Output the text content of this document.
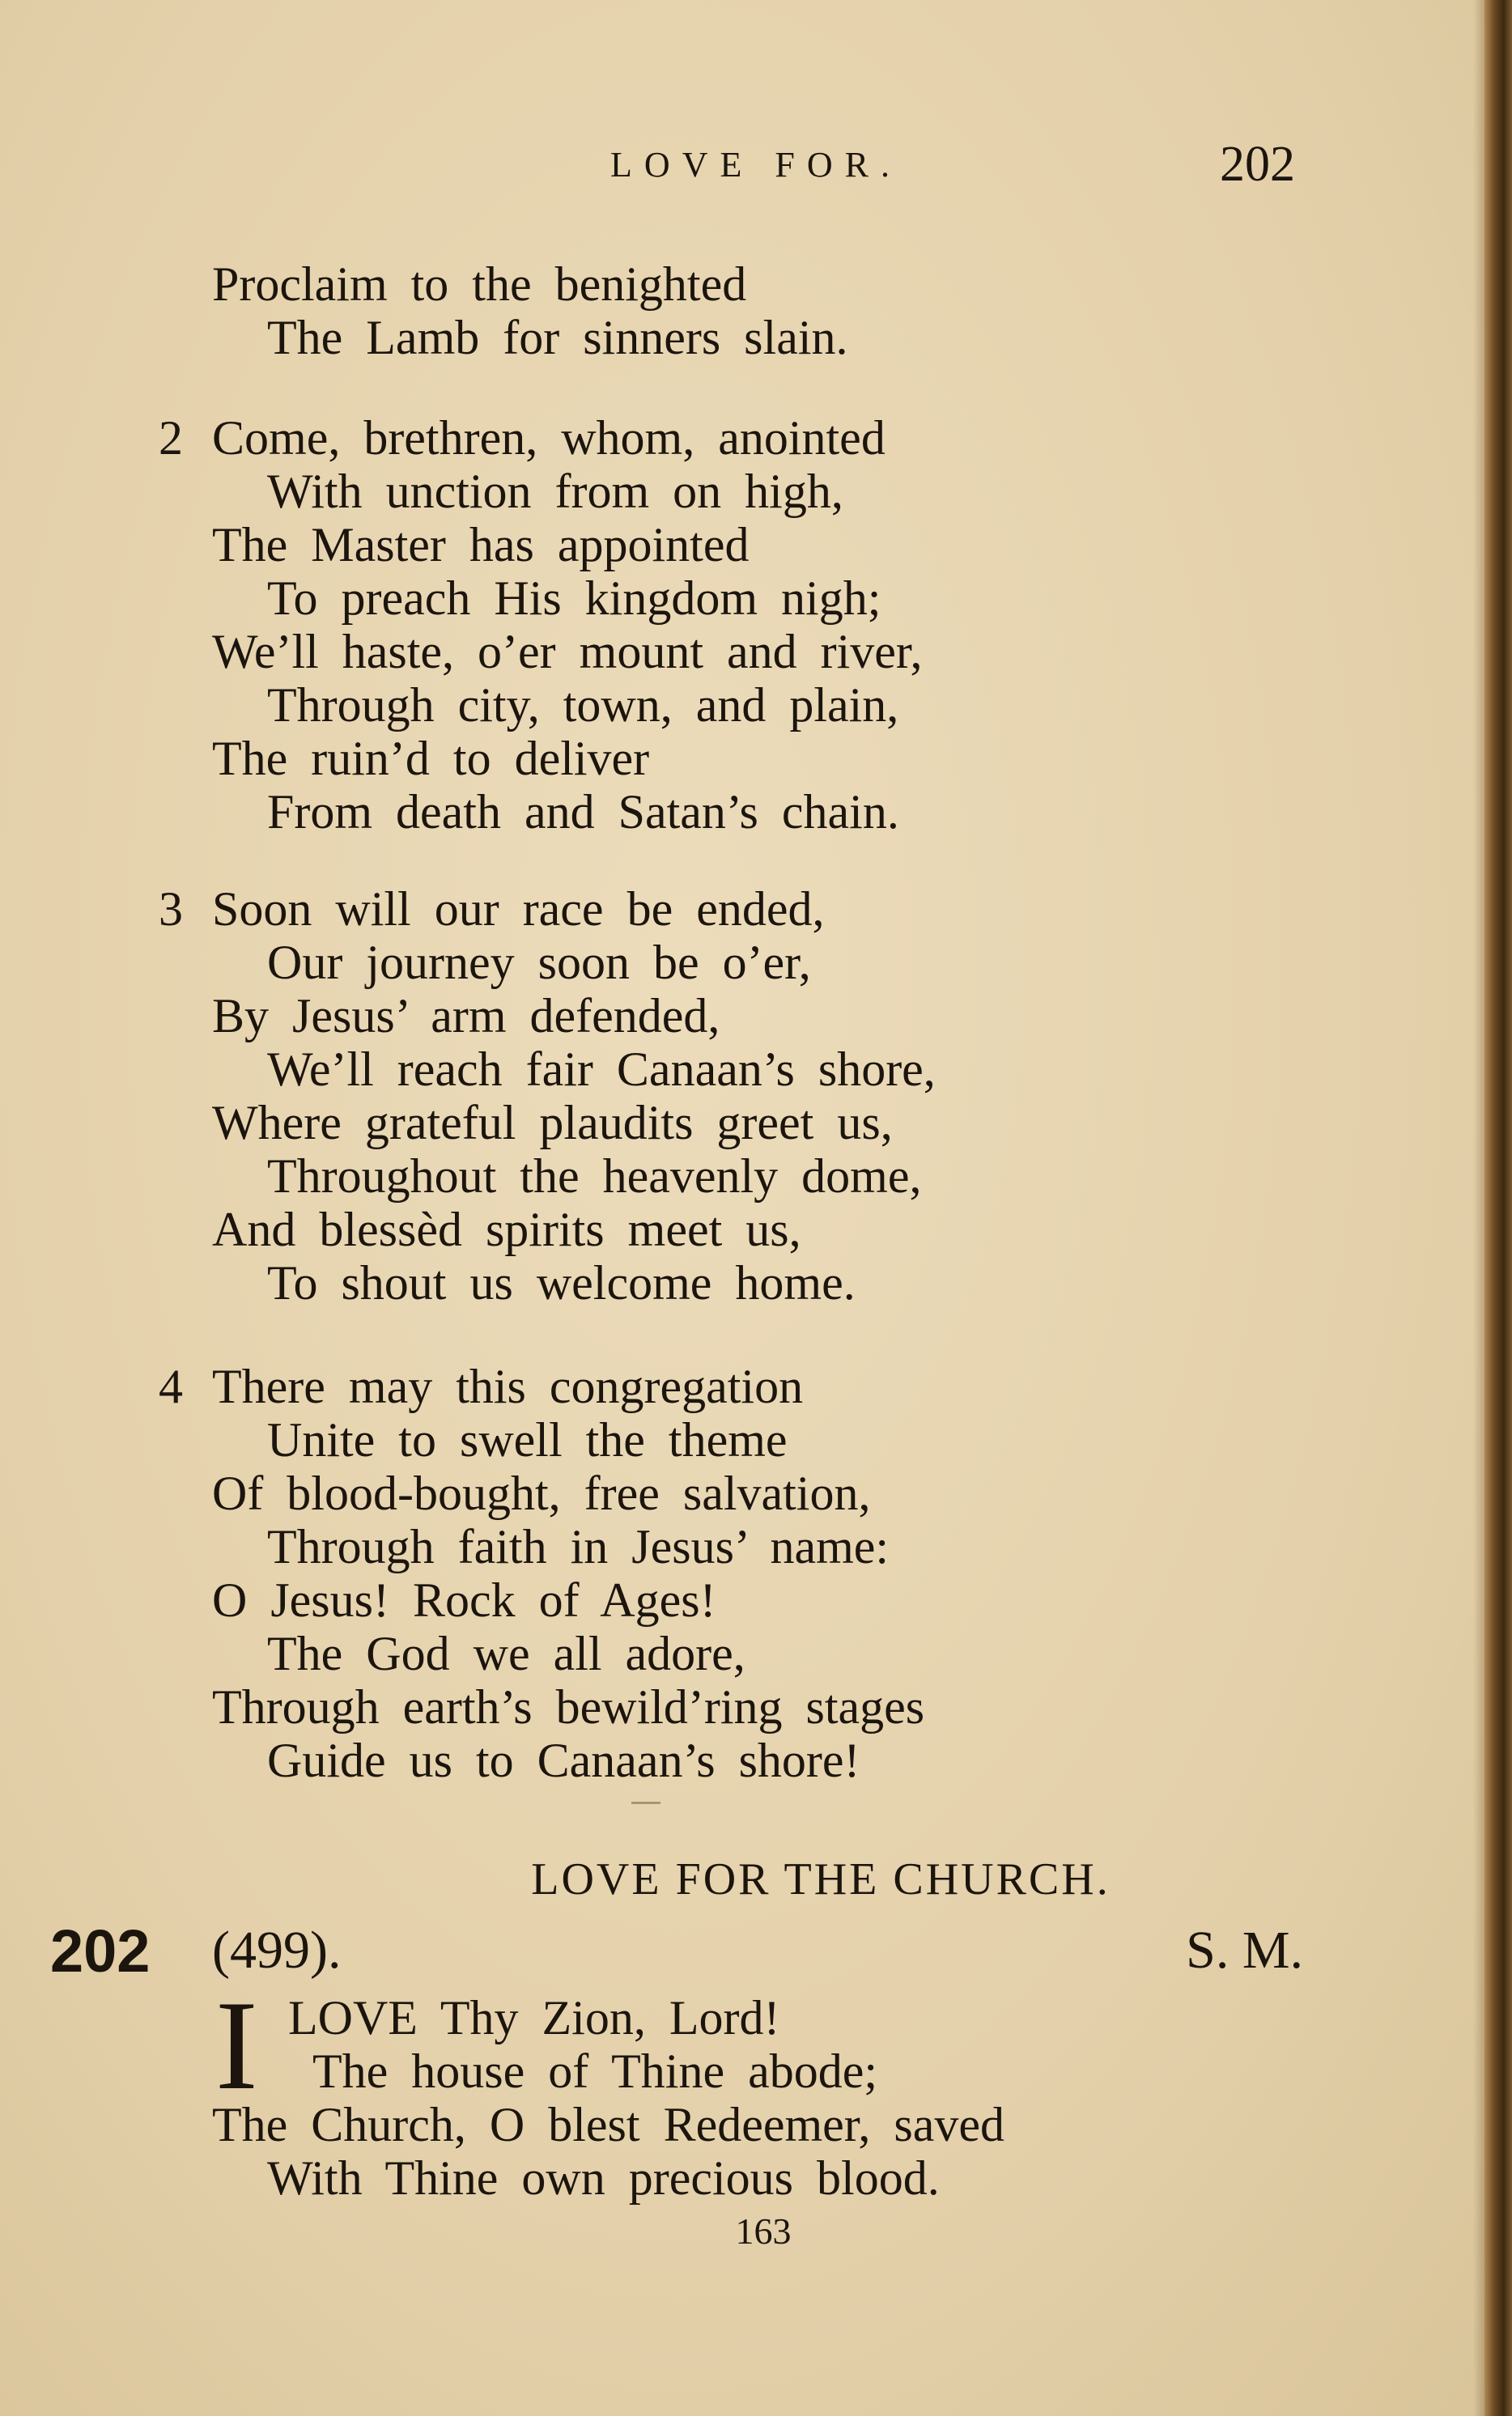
LOVE FOR.	202
Proclaim to the benighted
The Lamb for sinners slain.
2 Come, brethren, whom, anointed
With unction from on high,
The Master has appointed
To preach His kingdom nigh;
We’ll haste, o’er mount and river,
Through city, town, and plain,
The ruin’d to deliver
From death and Satan’s chain.
3 Soon will our race be ended,
Our journey soon be o’er,
By Jesus’ arm defended,
We’ll reach fair Canaan’s shore,
Where grateful plaudits greet us,
Throughout the heavenly dome,
And blessèd spirits meet us,
To shout us welcome home.
4 There may this congregation
Unite to swell the theme
Of blood-bought, free salvation,
Through faith in Jesus’ name:
O Jesus! Rock of Ages!
The God we all adore,
Through earth’s bewild’ring stages
Guide us to Canaan’s shore!
LOVE FOR THE CHURCH.
202 (499).	S. M.
I LOVE Thy Zion, Lord!
The house of Thine abode;
The Church, O blest Redeemer, saved
With Thine own precious blood.
163
